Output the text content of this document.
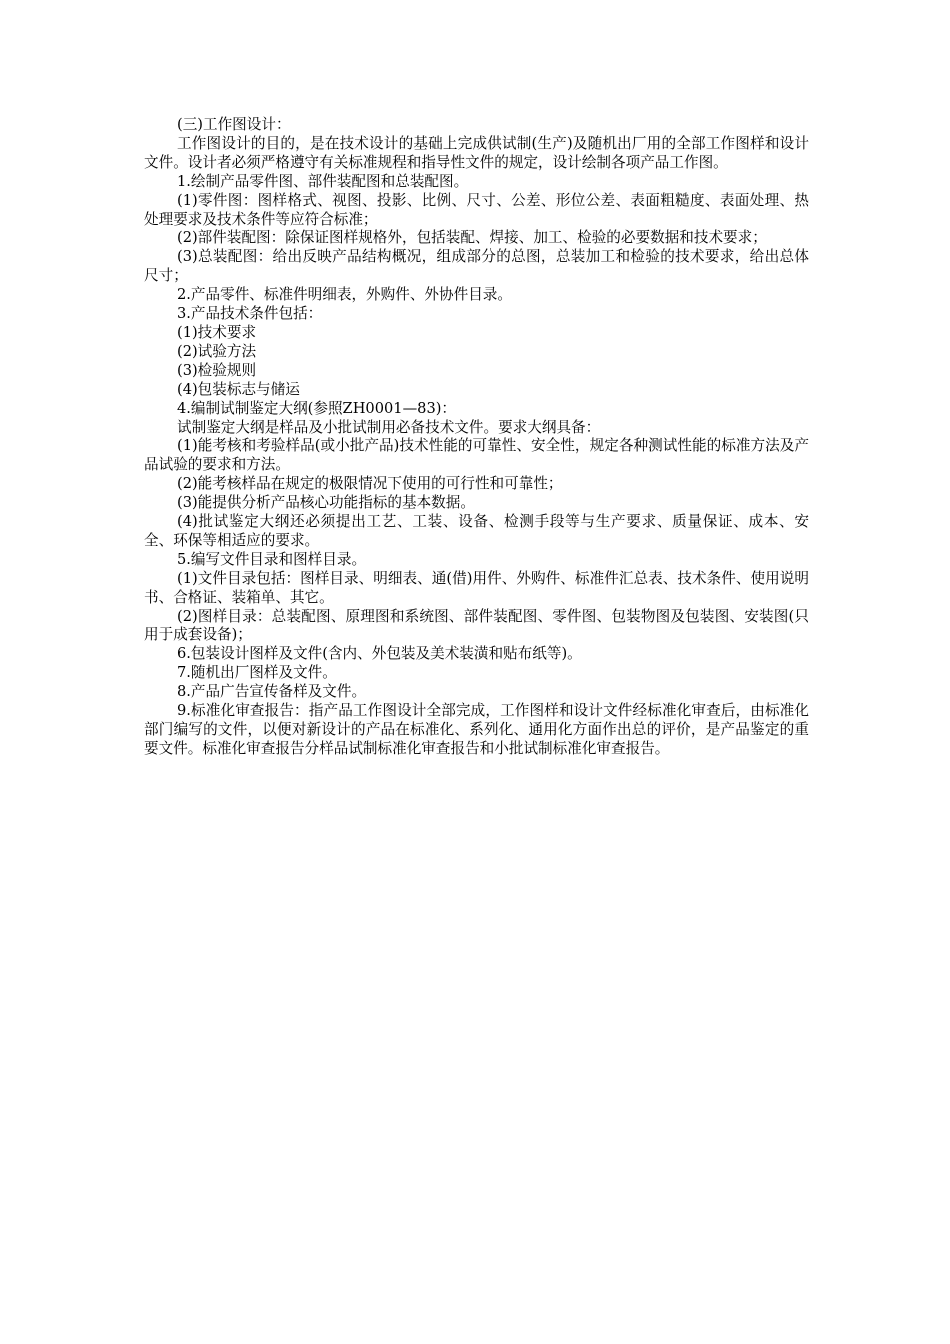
(三)工作图设计：

工作图设计的目的，是在技术设计的基础上完成供试制(生产)及随机出厂用的全部工作图样和设计文件。设计者必须严格遵守有关标准规程和指导性文件的规定，设计绘制各项产品工作图。

1.绘制产品零件图、部件装配图和总装配图。

(1)零件图：图样格式、视图、投影、比例、尺寸、公差、形位公差、表面粗糙度、表面处理、热处理要求及技术条件等应符合标准；

(2)部件装配图：除保证图样规格外，包括装配、焊接、加工、检验的必要数据和技术要求；

(3)总装配图：给出反映产品结构概况，组成部分的总图，总装加工和检验的技术要求，给出总体尺寸；

2.产品零件、标准件明细表，外购件、外协件目录。

3.产品技术条件包括：

(1)技术要求

(2)试验方法

(3)检验规则

(4)包装标志与储运

4.编制试制鉴定大纲(参照ZH0001—83)：

试制鉴定大纲是样品及小批试制用必备技术文件。要求大纲具备：

(1)能考核和考验样品(或小批产品)技术性能的可靠性、安全性，规定各种测试性能的标准方法及产品试验的要求和方法。

(2)能考核样品在规定的极限情况下使用的可行性和可靠性；

(3)能提供分析产品核心功能指标的基本数据。

(4)批试鉴定大纲还必须提出工艺、工装、设备、检测手段等与生产要求、质量保证、成本、安全、环保等相适应的要求。

5.编写文件目录和图样目录。

(1)文件目录包括：图样目录、明细表、通(借)用件、外购件、标准件汇总表、技术条件、使用说明书、合格证、装箱单、其它。

(2)图样目录：总装配图、原理图和系统图、部件装配图、零件图、包装物图及包装图、安装图(只用于成套设备)；

6.包装设计图样及文件(含内、外包装及美术装潢和贴布纸等)。

7.随机出厂图样及文件。

8.产品广告宣传备样及文件。

9.标准化审查报告：指产品工作图设计全部完成，工作图样和设计文件经标准化审查后，由标准化部门编写的文件，以便对新设计的产品在标准化、系列化、通用化方面作出总的评价，是产品鉴定的重要文件。标准化审查报告分样品试制标准化审查报告和小批试制标准化审查报告。
